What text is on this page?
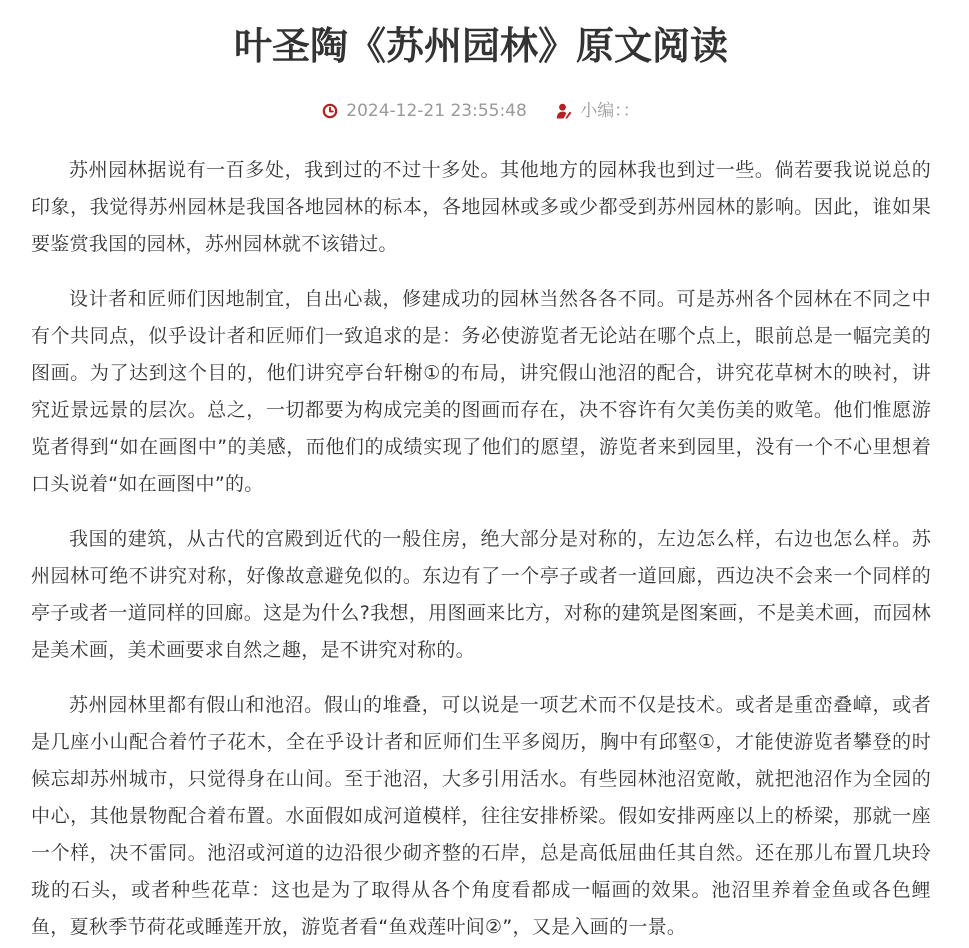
叶圣陶《苏州园林》原文阅读
2024-12-21 23:55:48
	小编：：

苏州园林据说有一百多处，我到过的不过十多处。其他地方的园林我也到过一些。倘若要我说说总的印象，我觉得苏州园林是我国各地园林的标本，各地园林或多或少都受到苏州园林的影响。因此，谁如果要鉴赏我国的园林，苏州园林就不该错过。

设计者和匠师们因地制宜，自出心裁，修建成功的园林当然各各不同。可是苏州各个园林在不同之中有个共同点，似乎设计者和匠师们一致追求的是：务必使游览者无论站在哪个点上，眼前总是一幅完美的图画。为了达到这个目的，他们讲究亭台轩榭①的布局，讲究假山池沼的配合，讲究花草树木的映衬，讲究近景远景的层次。总之，一切都要为构成完美的图画而存在，决不容许有欠美伤美的败笔。他们惟愿游览者得到“如在画图中”的美感，而他们的成绩实现了他们的愿望，游览者来到园里，没有一个不心里想着口头说着“如在画图中”的。

我国的建筑，从古代的宫殿到近代的一般住房，绝大部分是对称的，左边怎么样，右边也怎么样。苏州园林可绝不讲究对称，好像故意避免似的。东边有了一个亭子或者一道回廊，西边决不会来一个同样的亭子或者一道同样的回廊。这是为什么?我想，用图画来比方，对称的建筑是图案画，不是美术画，而园林是美术画，美术画要求自然之趣，是不讲究对称的。

苏州园林里都有假山和池沼。假山的堆叠，可以说是一项艺术而不仅是技术。或者是重峦叠嶂，或者是几座小山配合着竹子花木，全在乎设计者和匠师们生平多阅历，胸中有邱壑①，才能使游览者攀登的时候忘却苏州城市，只觉得身在山间。至于池沼，大多引用活水。有些园林池沼宽敞，就把池沼作为全园的中心，其他景物配合着布置。水面假如成河道模样，往往安排桥梁。假如安排两座以上的桥梁，那就一座一个样，决不雷同。池沼或河道的边沿很少砌齐整的石岸，总是高低屈曲任其自然。还在那儿布置几块玲珑的石头，或者种些花草：这也是为了取得从各个角度看都成一幅画的效果。池沼里养着金鱼或各色鲤鱼，夏秋季节荷花或睡莲开放，游览者看“鱼戏莲叶间②”，又是入画的一景。
